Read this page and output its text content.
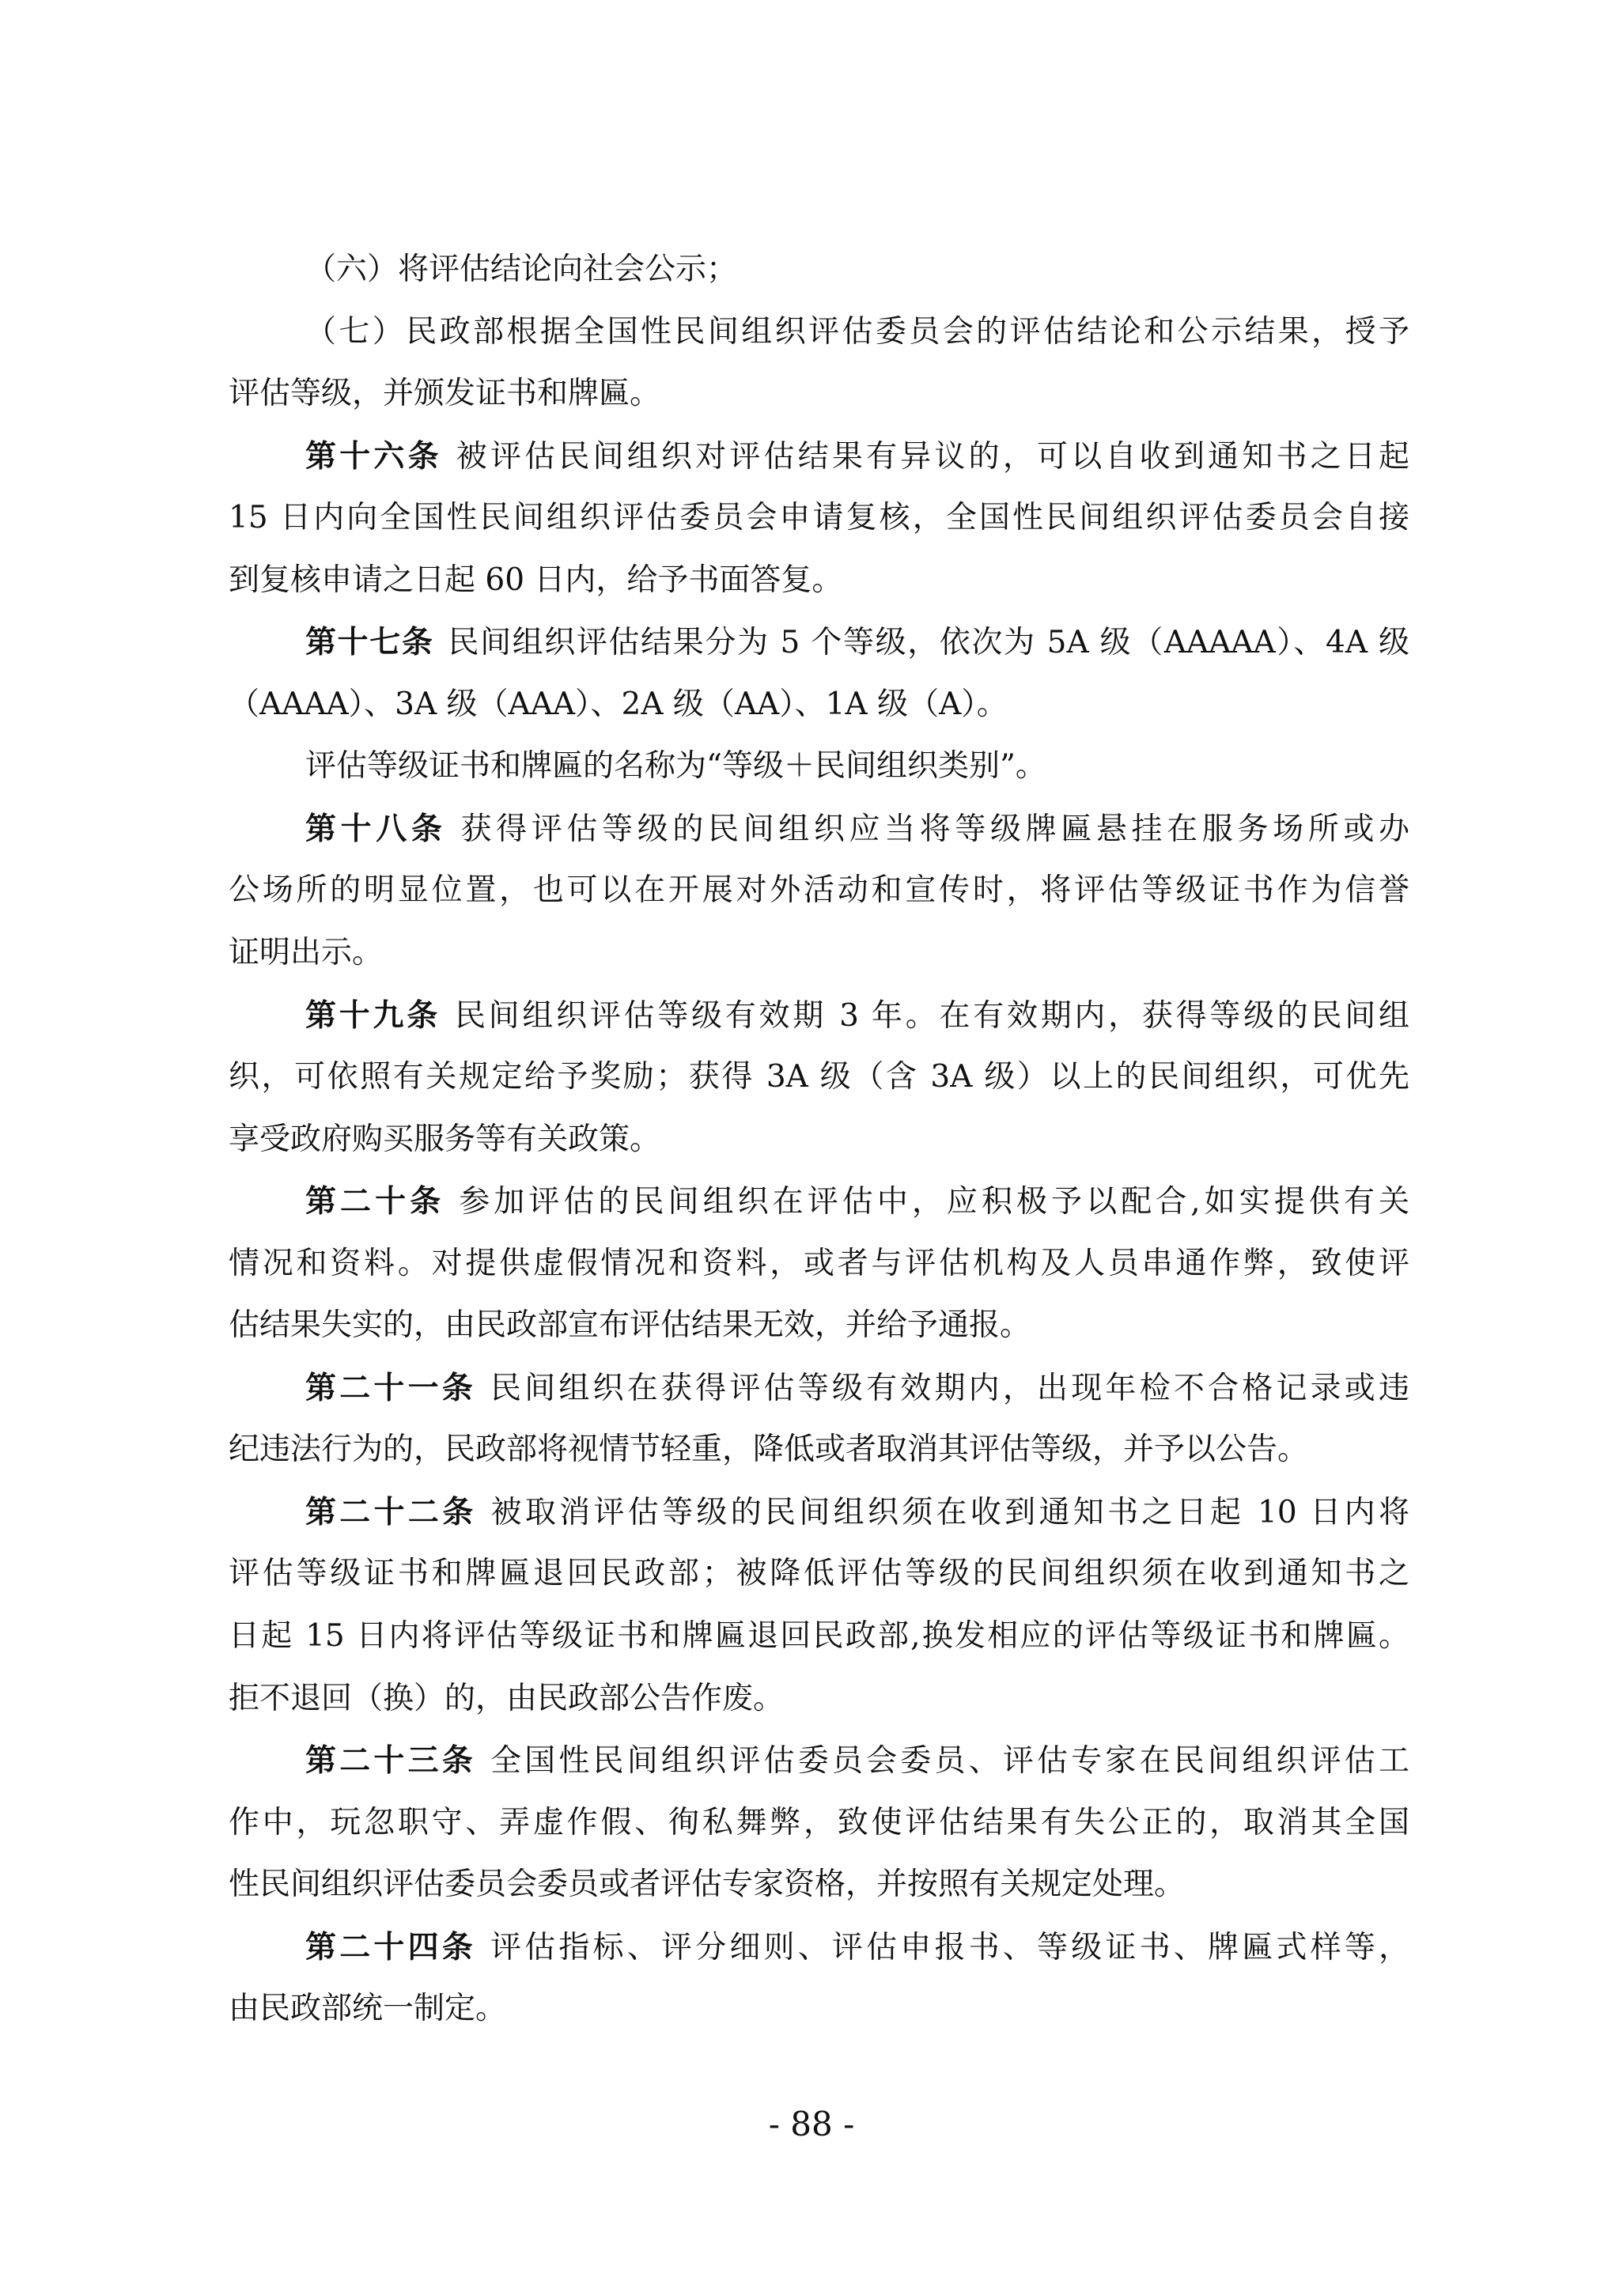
（六）将评估结论向社会公示；
（七）民政部根据全国性民间组织评估委员会的评估结论和公示结果，授予
评估等级，并颁发证书和牌匾。
第十六条 被评估民间组织对评估结果有异议的，可以自收到通知书之日起
15 日内向全国性民间组织评估委员会申请复核，全国性民间组织评估委员会自接
到复核申请之日起 60 日内，给予书面答复。
第十七条 民间组织评估结果分为 5 个等级，依次为 5A 级（AAAAA）、4A 级
（AAAA）、3A 级（AAA）、2A 级（AA）、1A 级（A）。
评估等级证书和牌匾的名称为“等级＋民间组织类别”。
第十八条 获得评估等级的民间组织应当将等级牌匾悬挂在服务场所或办
公场所的明显位置，也可以在开展对外活动和宣传时，将评估等级证书作为信誉
证明出示。
第十九条 民间组织评估等级有效期 3 年。在有效期内，获得等级的民间组
织，可依照有关规定给予奖励；获得 3A 级（含 3A 级）以上的民间组织，可优先
享受政府购买服务等有关政策。
第二十条 参加评估的民间组织在评估中，应积极予以配合,如实提供有关
情况和资料。对提供虚假情况和资料，或者与评估机构及人员串通作弊，致使评
估结果失实的，由民政部宣布评估结果无效，并给予通报。
第二十一条 民间组织在获得评估等级有效期内，出现年检不合格记录或违
纪违法行为的，民政部将视情节轻重，降低或者取消其评估等级，并予以公告。
第二十二条 被取消评估等级的民间组织须在收到通知书之日起 10 日内将
评估等级证书和牌匾退回民政部；被降低评估等级的民间组织须在收到通知书之
日起 15 日内将评估等级证书和牌匾退回民政部,换发相应的评估等级证书和牌匾。
拒不退回（换）的，由民政部公告作废。
第二十三条 全国性民间组织评估委员会委员、评估专家在民间组织评估工
作中，玩忽职守、弄虚作假、徇私舞弊，致使评估结果有失公正的，取消其全国
性民间组织评估委员会委员或者评估专家资格，并按照有关规定处理。
第二十四条 评估指标、评分细则、评估申报书、等级证书、牌匾式样等，
由民政部统一制定。
- 88 -
